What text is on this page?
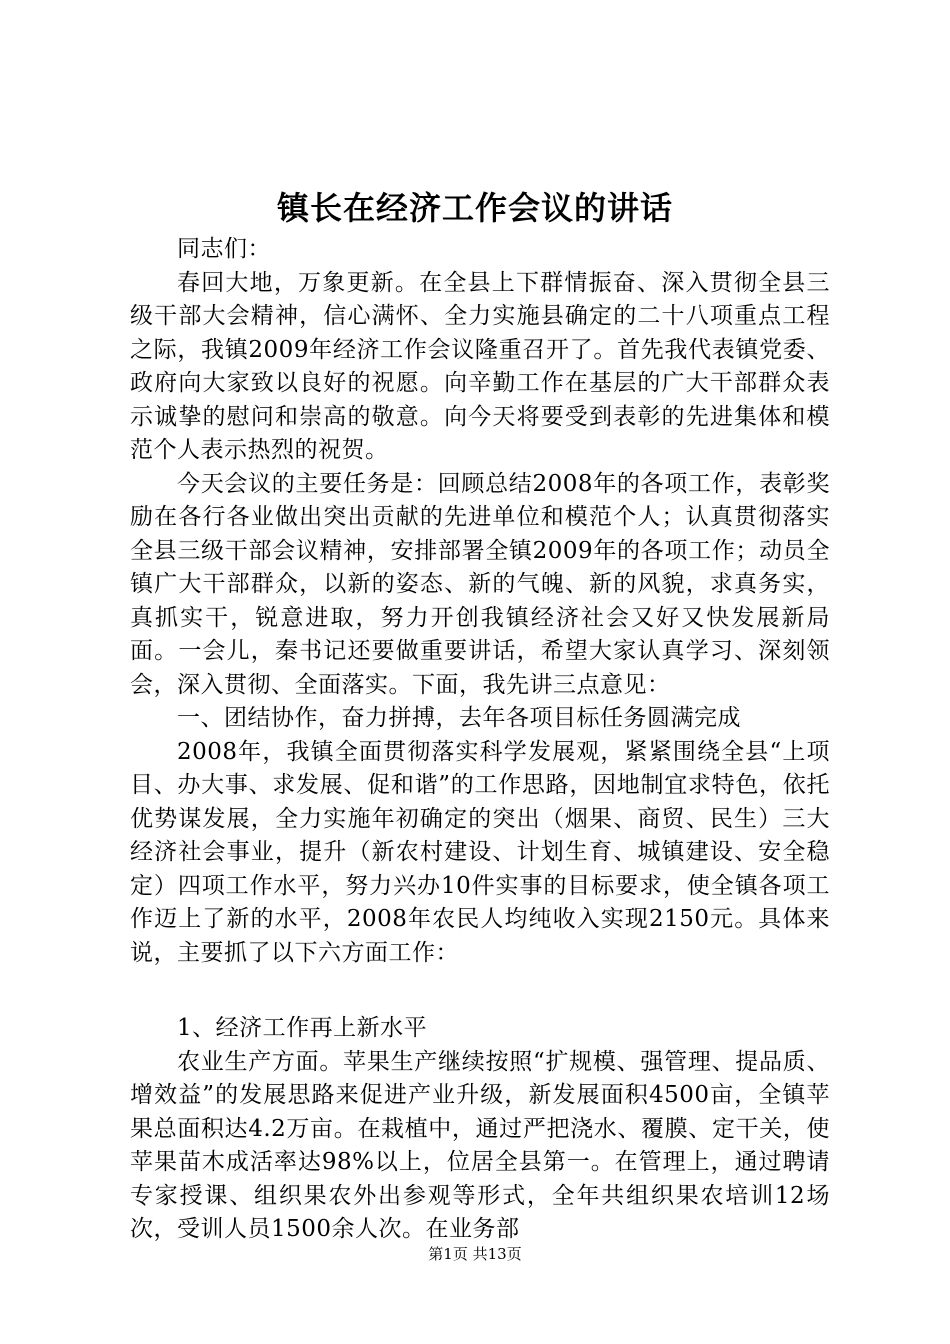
镇长在经济工作会议的讲话

同志们：

春回大地，万象更新。在全县上下群情振奋、深入贯彻全县三级干部大会精神，信心满怀、全力实施县确定的二十八项重点工程之际，我镇2009年经济工作会议隆重召开了。首先我代表镇党委、政府向大家致以良好的祝愿。向辛勤工作在基层的广大干部群众表示诚挚的慰问和崇高的敬意。向今天将要受到表彰的先进集体和模范个人表示热烈的祝贺。

今天会议的主要任务是：回顾总结2008年的各项工作，表彰奖励在各行各业做出突出贡献的先进单位和模范个人；认真贯彻落实全县三级干部会议精神，安排部署全镇2009年的各项工作；动员全镇广大干部群众，以新的姿态、新的气魄、新的风貌，求真务实，真抓实干，锐意进取，努力开创我镇经济社会又好又快发展新局面。一会儿，秦书记还要做重要讲话，希望大家认真学习、深刻领会，深入贯彻、全面落实。下面，我先讲三点意见：

一、团结协作，奋力拼搏，去年各项目标任务圆满完成

2008年，我镇全面贯彻落实科学发展观，紧紧围绕全县“上项目、办大事、求发展、促和谐”的工作思路，因地制宜求特色，依托优势谋发展，全力实施年初确定的突出（烟果、商贸、民生）三大经济社会事业，提升（新农村建设、计划生育、城镇建设、安全稳定）四项工作水平，努力兴办10件实事的目标要求，使全镇各项工作迈上了新的水平，2008年农民人均纯收入实现2150元。具体来说，主要抓了以下六方面工作：

1、经济工作再上新水平

农业生产方面。苹果生产继续按照“扩规模、强管理、提品质、增效益”的发展思路来促进产业升级，新发展面积4500亩，全镇苹果总面积达4.2万亩。在栽植中，通过严把浇水、覆膜、定干关，使苹果苗木成活率达98%以上，位居全县第一。在管理上，通过聘请专家授课、组织果农外出参观等形式，全年共组织果农培训12场次，受训人员1500余人次。在业务部

第1页 共13页
